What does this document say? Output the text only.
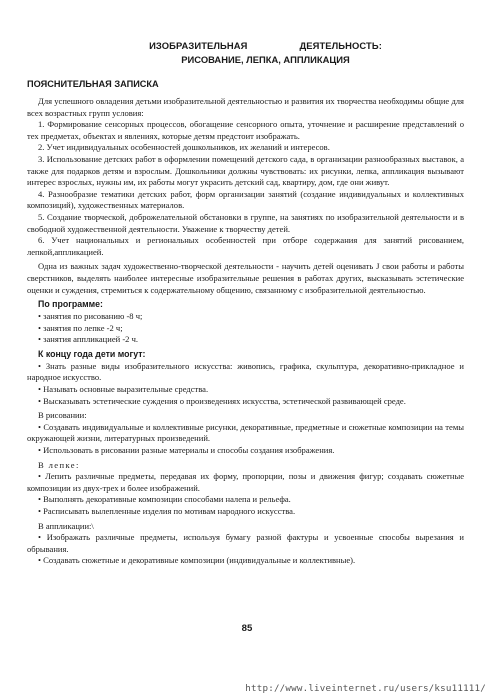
ИЗОБРАЗИТЕЛЬНАЯ	ДЕЯТЕЛЬНОСТЬ:
РИСОВАНИЕ, ЛЕПКА, АППЛИКАЦИЯ
ПОЯСНИТЕЛЬНАЯ ЗАПИСКА

Для успешного овладения детьми изобразительной деятельностью и развития их творчества необходимы общие для всех возрастных групп условия:

1. Формирование сенсорных процессов, обогащение сенсорного опыта, уточнение и расширение представлений о тех предметах, объектах и явлениях, которые детям предстоит изображать.

2. Учет индивидуальных особенностей дошкольников, их желаний и интересов.

3. Использование детских работ в оформлении помещений детского сада, в организации разнообразных выставок, а также для подарков детям и взрослым. Дошкольники должны чувствовать: их рисунки, лепка, аппликация вызывают интерес взрослых, нужны им, их работы могут украсить детский сад, квартиру, дом, где они живут.

4. Разнообразие тематики детских работ, форм организации занятий (создание индивидуальных и коллективных композиций), художественных материалов.

5. Создание творческой, доброжелательной обстановки в группе, на занятиях по изобразительной деятельности и в свободной художественной деятельности. Уважение к творчеству детей.

6. Учет национальных и региональных особенностей при отборе содержания для занятий рисованием, лепкой,аппликацией.

Одна из важных задач художественно-творческой деятельности - научить детей оценивать J свои работы и работы сверстников, выделять наиболее интересные изобразительные решения в работах других, высказывать эстетические оценки и суждения, стремиться к содержательному общению, связанному с изобразительной деятельностью.

По программе:

• занятия по рисованию -8 ч;

• занятия по лепке -2 ч;

• занятия аппликацией -2 ч.

К концу года дети могут:

• Знать разные виды изобразительного искусства: живопись, графика, скульптура, декоративно-прикладное и народное искусство.

• Называть основные выразительные средства.

• Высказывать эстетические суждения о произведениях искусства, эстетической развивающей среде.

В рисовании:

• Создавать индивидуальные и коллективные рисунки, декоративные, предметные и сюжетные композиции на темы окружающей жизни, литературных произведений.

• Использовать в рисовании разные материалы и способы создания изображения.

В лепке:

• Лепить различные предметы, передавая их форму, пропорции, позы и движения фигур; создавать сюжетные композиции из двух-трех и более изображений.

• Выполнять декоративные композиции способами налепа и рельефа.

• Расписывать вылепленные изделия по мотивам народного искусства.

В аппликации:\

• Изображать различные предметы, используя бумагу разной фактуры и усвоенные способы вырезания и обрывания.

• Создавать сюжетные и декоративные композиции (индивидуальные и коллективные).

85
http://www.liveinternet.ru/users/ksu11111/
